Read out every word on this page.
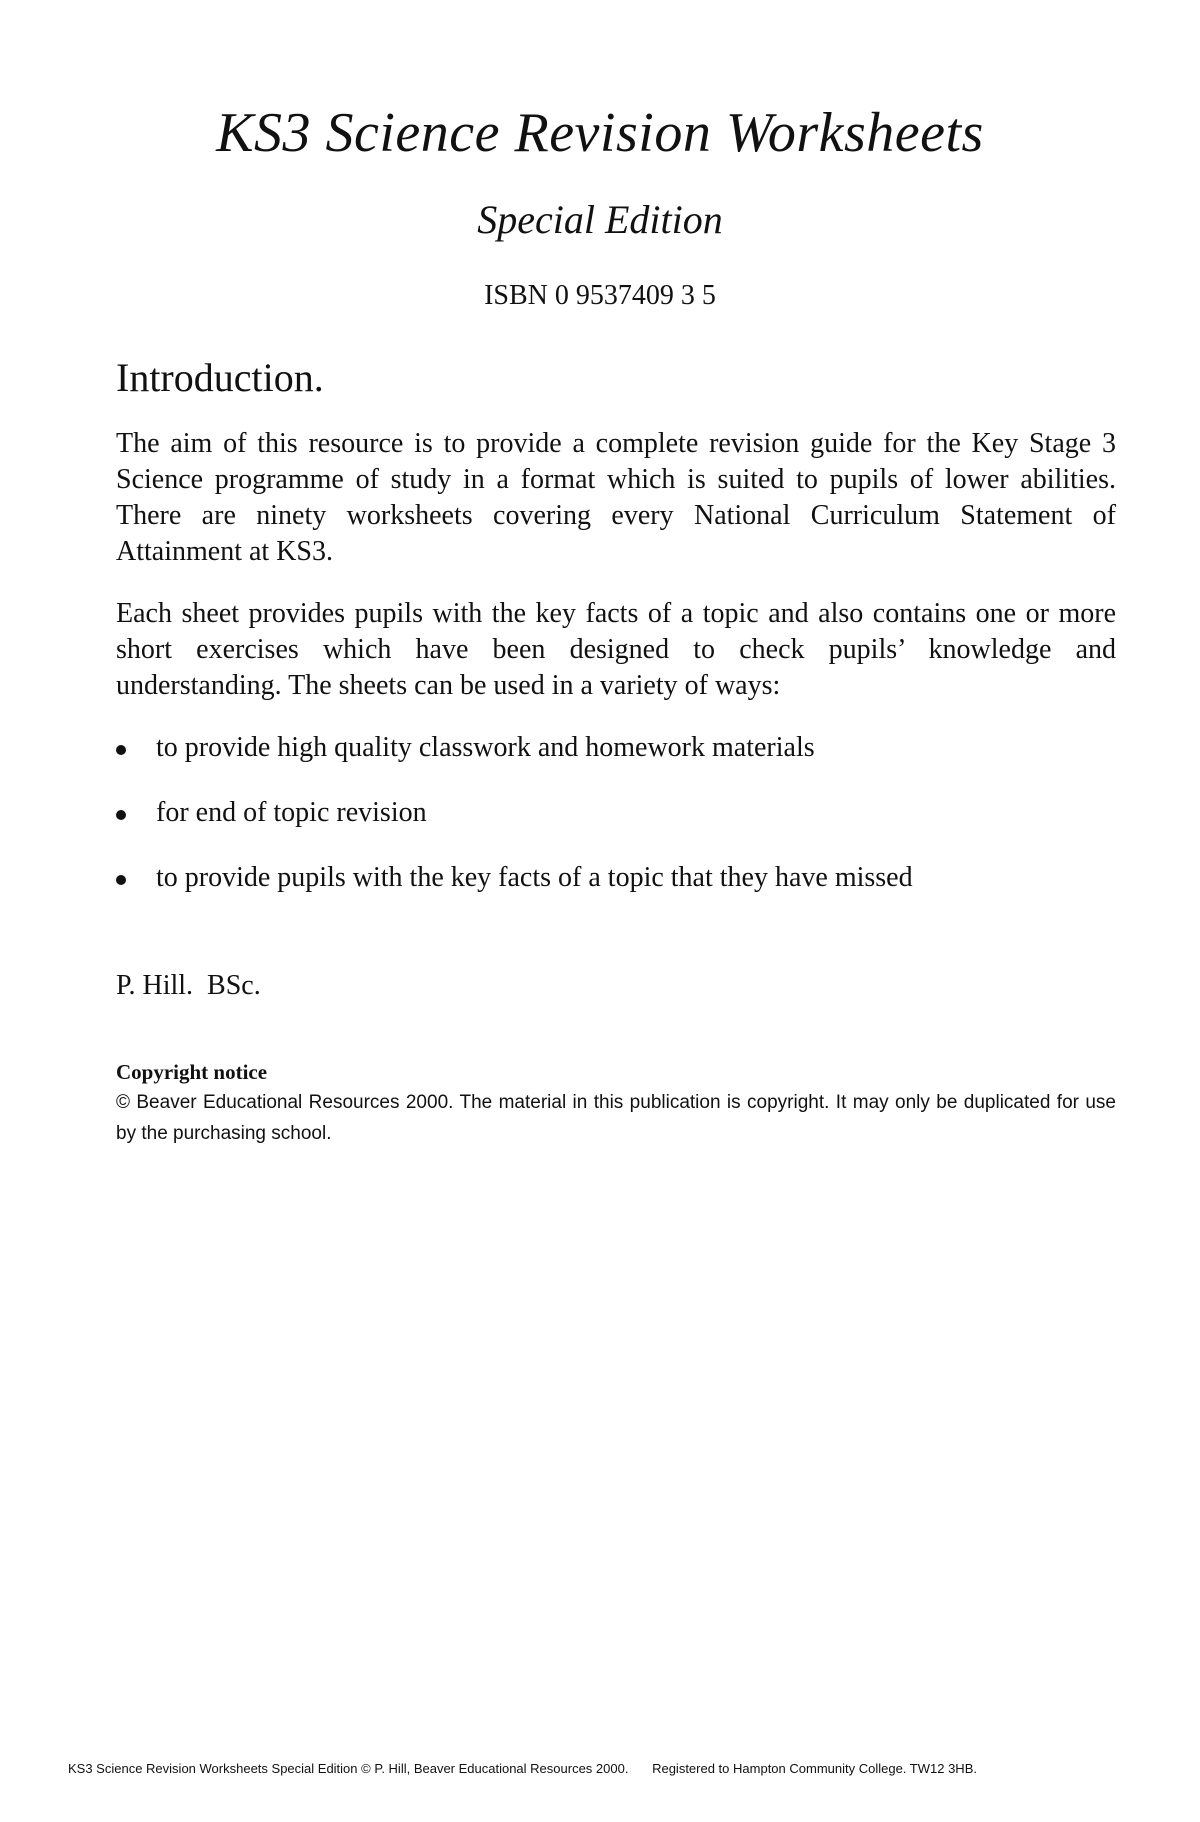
KS3 Science Revision Worksheets
Special Edition
ISBN 0 9537409 3 5
Introduction.

The aim of this resource is to provide a complete revision guide for the Key Stage 3 Science programme of study in a format which is suited to pupils of lower abilities. There are ninety worksheets covering every National Curriculum Statement of Attainment at KS3.

Each sheet provides pupils with the key facts of a topic and also contains one or more short exercises which have been designed to check pupils’ knowledge and understanding. The sheets can be used in a variety of ways:

to provide high quality classwork and homework materials
for end of topic revision
to provide pupils with the key facts of a topic that they have missed
P. Hill.  BSc.
Copyright notice
© Beaver Educational Resources 2000. The material in this publication is copyright. It may only be duplicated for use by the purchasing school.
KS3 Science Revision Worksheets Special Edition © P. Hill, Beaver Educational Resources 2000. Registered to Hampton Community College. TW12 3HB.
